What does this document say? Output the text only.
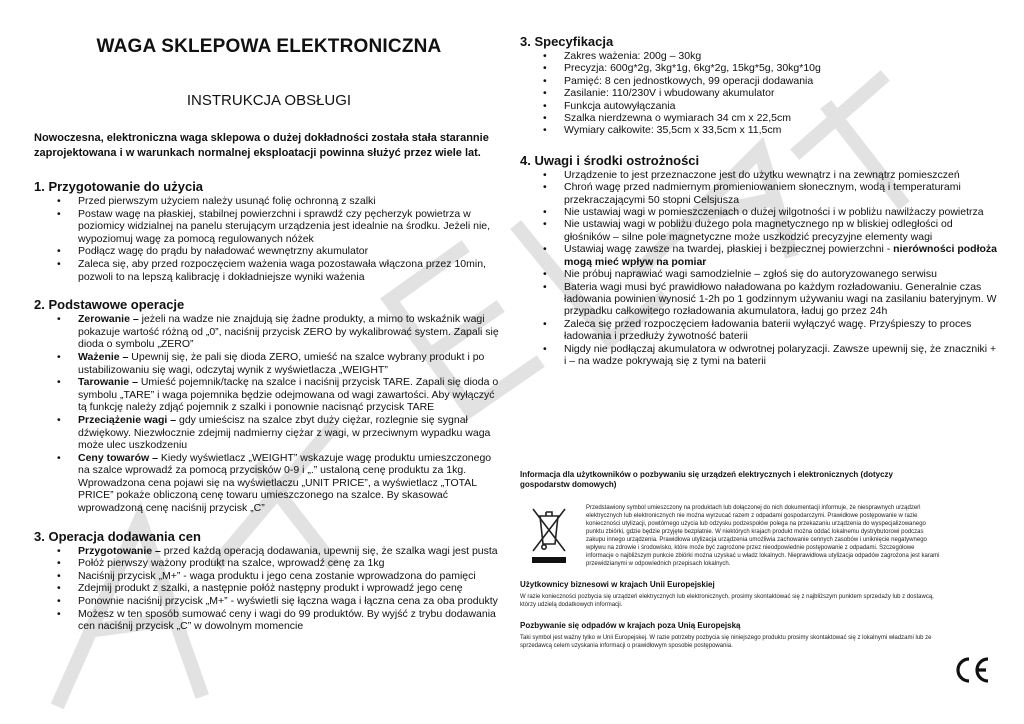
WAGA SKLEPOWA ELEKTRONICZNA
INSTRUKCJA OBSŁUGI

Nowoczesna, elektroniczna waga sklepowa o dużej dokładności została stała starannie zaprojektowana i w warunkach normalnej eksploatacji powinna służyć przez wiele lat.

1. Przygotowanie do użycia
• Przed pierwszym użyciem należy usunąć folię ochronną z szalki
• Postaw wagę na płaskiej, stabilnej powierzchni i sprawdź czy pęcherzyk powietrza w poziomicy widzialnej na panelu sterującym urządzenia jest idealnie na środku. Jeżeli nie, wypoziomuj wagę za pomocą regulowanych nóżek
• Podłącz wagę do prądu by naładować wewnętrzny akumulator
• Zaleca się, aby przed rozpoczęciem ważenia waga pozostawała włączona przez 10min, pozwoli to na lepszą kalibrację i dokładniejsze wyniki ważenia
2. Podstawowe operacje
• Zerowanie – jeżeli na wadze nie znajdują się żadne produkty, a mimo to wskaźnik wagi pokazuje wartość różną od „0”, naciśnij przycisk ZERO by wykalibrować system. Zapali się dioda o symbolu „ZERO”
• Ważenie – Upewnij się, że pali się dioda ZERO, umieść na szalce wybrany produkt i po ustabilizowaniu się wagi, odczytaj wynik z wyświetlacza „WEIGHT”
• Tarowanie – Umieść pojemnik/tackę na szalce i naciśnij przycisk TARE. Zapali się dioda o symbolu „TARE” i waga pojemnika będzie odejmowana od wagi zawartości. Aby wyłączyć tą funkcję należy zdjąć pojemnik z szalki i ponownie nacisnąć przycisk TARE
• Przeciążenie wagi – gdy umieścisz na szalce zbyt duży ciężar, rozlegnie się sygnał dźwiękowy. Niezwłocznie zdejmij nadmierny ciężar z wagi, w przeciwnym wypadku waga może ulec uszkodzeniu
• Ceny towarów – Kiedy wyświetlacz „WEIGHT” wskazuje wagę produktu umieszczonego na szalce wprowadź za pomocą przycisków 0-9 i „.” ustaloną cenę produktu za 1kg. Wprowadzona cena pojawi się na wyświetlaczu „UNIT PRICE”, a wyświetlacz „TOTAL PRICE” pokaże obliczoną cenę towaru umieszczonego na szalce. By skasować wprowadzoną cenę naciśnij przycisk „C”
3. Operacja dodawania cen
• Przygotowanie – przed każdą operacją dodawania, upewnij się, że szalka wagi jest pusta
• Połóż pierwszy ważony produkt na szalce, wprowadź cenę za 1kg
• Naciśnij przycisk „M+” - waga produktu i jego cena zostanie wprowadzona do pamięci
• Zdejmij produkt z szalki, a następnie połóż następny produkt i wprowadź jego cenę
• Ponownie naciśnij przycisk „M+” - wyświetli się łączna waga i łączna cena za oba produkty
• Możesz w ten sposób sumować ceny i wagi do 99 produktów. By wyjść z trybu dodawania cen naciśnij przycisk „C” w dowolnym momencie
3. Specyfikacja
• Zakres ważenia: 200g – 30kg
• Precyzja: 600g*2g, 3kg*1g, 6kg*2g, 15kg*5g, 30kg*10g
• Pamięć: 8 cen jednostkowych, 99 operacji dodawania
• Zasilanie: 110/230V i wbudowany akumulator
• Funkcja autowyłączania
• Szalka nierdzewna o wymiarach 34 cm x 22,5cm
• Wymiary całkowite: 35,5cm x 33,5cm x 11,5cm
4. Uwagi i środki ostrożności
• Urządzenie to jest przeznaczone jest do użytku wewnątrz i na zewnątrz pomieszczeń
• Chroń wagę przed nadmiernym promieniowaniem słonecznym, wodą i temperaturami przekraczającymi 50 stopni Celsjusza
• Nie ustawiaj wagi w pomieszczeniach o dużej wilgotności i w pobliżu nawilżaczy powietrza
• Nie ustawiaj wagi w pobliżu dużego pola magnetycznego np w bliskiej odległości od głośników – silne pole magnetyczne może uszkodzić precyzyjne elementy wagi
• Ustawiaj wagę zawsze na twardej, płaskiej i bezpiecznej powierzchni - nierówności podłoża mogą mieć wpływ na pomiar
• Nie próbuj naprawiać wagi samodzielnie – zgłoś się do autoryzowanego serwisu
• Bateria wagi musi być prawidłowo naładowana po każdym rozładowaniu. Generalnie czas ładowania powinien wynosić 1-2h po 1 godzinnym używaniu wagi na zasilaniu bateryjnym. W przypadku całkowitego rozładowania akumulatora, ładuj go przez 24h
• Zaleca się przed rozpoczęciem ładowania baterii wyłączyć wagę. Przyśpieszy to proces ładowania i przedłuży żywotność baterii
• Nigdy nie podłączaj akumulatora w odwrotnej polaryzacji. Zawsze upewnij się, że znaczniki + i – na wadze pokrywają się z tymi na baterii
Informacja dla użytkowników o pozbywaniu się urządzeń elektrycznych i elektronicznych (dotyczy gospodarstw domowych)
Przedstawiony symbol umieszczony na produktach lub dołączonej do nich dokumentacji informuje, że niesprawnych urządzeń elektrycznych lub elektronicznych nie można wyrzucać razem z odpadami gospodarczymi. Prawidłowe postępowanie w razie konieczności utylizacji, powtórnego użycia lub odzysku podzespołów polega na przekazaniu urządzenia do wyspecjalizowanego punktu zbiórki, gdzie będzie przyjęte bezpłatnie. W niektórych krajach produkt można oddać lokalnemu dystrybutorowi podczas zakupu innego urządzenia. Prawidłowa utylizacja urządzenia umożliwia zachowanie cennych zasobów i uniknięcie negatywnego wpływu na zdrowie i środowisko, które może być zagrożone przez nieodpowiednie postępowanie z odpadami. Szczegółowe informacje o najbliższym punkcie zbiórki można uzyskać u władz lokalnych. Nieprawidłowa utylizacja odpadów zagrożona jest karami przewidzianymi w odpowiednich przepisach lokalnych.
Użytkownicy biznesowi w krajach Unii Europejskiej
W razie konieczności pozbycia się urządzeń elektrycznych lub elektronicznych, prosimy skontaktować się z najbliższym punktem sprzedaży lub z dostawcą, którzy udzielą dodatkowych informacji.
Pozbywanie się odpadów w krajach poza Unią Europejską
Taki symbol jest ważny tylko w Unii Europejskej. W razie potrzeby pozbycia się niniejszego produktu prosimy skontaktować się z lokalnymi władzami lub ze sprzedawcą celem uzyskania informacji o prawidłowym sposobie postępowania.
